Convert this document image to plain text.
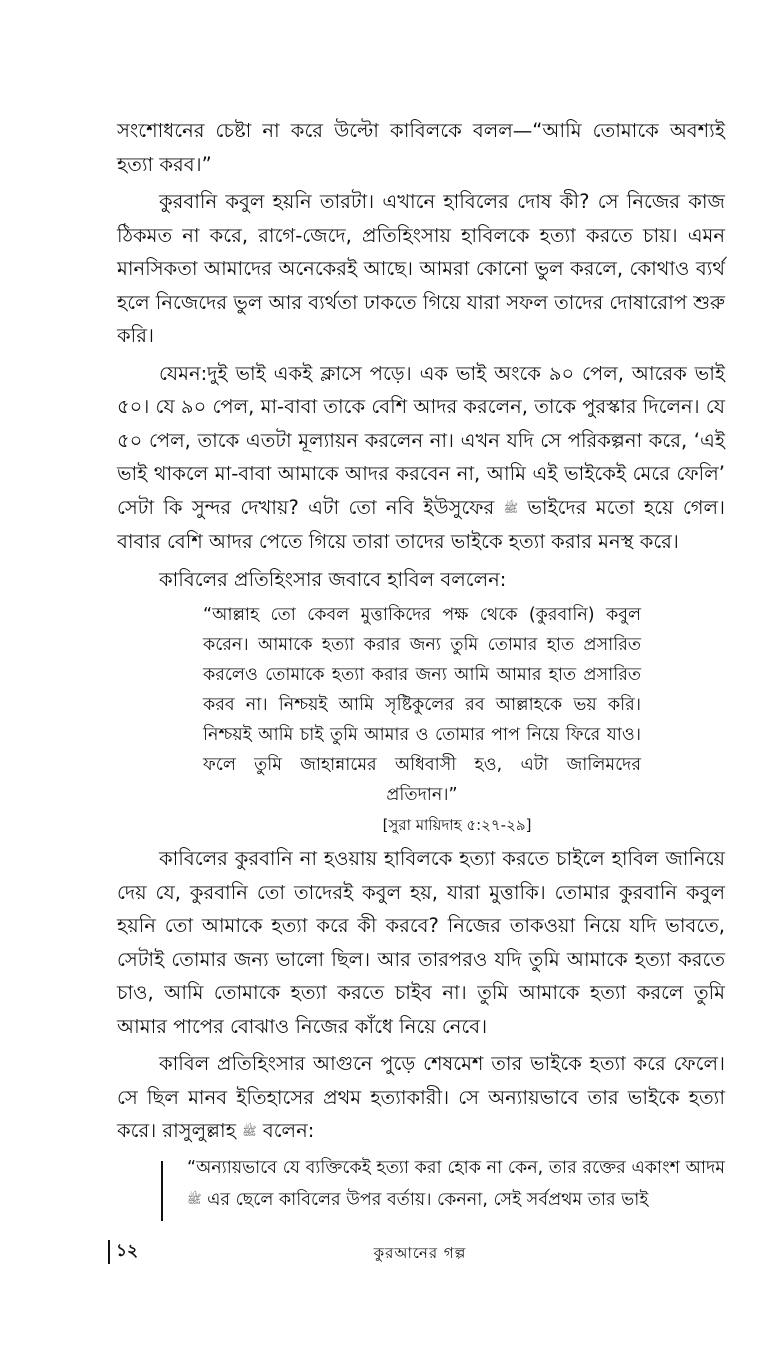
সংশোধনের চেষ্টা না করে উল্টো কাবিলকে বলল—“আমি তোমাকে অবশ্যই হত্যা করব।”

কুরবানি কবুল হয়নি তারটা। এখানে হাবিলের দোষ কী? সে নিজের কাজ ঠিকমত না করে, রাগে-জেদে, প্রতিহিংসায় হাবিলকে হত্যা করতে চায়। এমন মানসিকতা আমাদের অনেকেরই আছে। আমরা কোনো ভুল করলে, কোথাও ব্যর্থ হলে নিজেদের ভুল আর ব্যর্থতা ঢাকতে গিয়ে যারা সফল তাদের দোষারোপ শুরু করি।

যেমন:দুই ভাই একই ক্লাসে পড়ে। এক ভাই অংকে ৯০ পেল, আরেক ভাই ৫০। যে ৯০ পেল, মা-বাবা তাকে বেশি আদর করলেন, তাকে পুরস্কার দিলেন। যে ৫০ পেল, তাকে এতটা মূল্যায়ন করলেন না। এখন যদি সে পরিকল্পনা করে, ‘এই ভাই থাকলে মা-বাবা আমাকে আদর করবেন না, আমি এই ভাইকেই মেরে ফেলি’ সেটা কি সুন্দর দেখায়? এটা তো নবি ইউসুফের ﷺ ভাইদের মতো হয়ে গেল। বাবার বেশি আদর পেতে গিয়ে তারা তাদের ভাইকে হত্যা করার মনস্থ করে।

কাবিলের প্রতিহিংসার জবাবে হাবিল বললেন:

“আল্লাহ তো কেবল মুত্তাকিদের পক্ষ থেকে (কুরবানি) কবুল করেন। আমাকে হত্যা করার জন্য তুমি তোমার হাত প্রসারিত করলেও তোমাকে হত্যা করার জন্য আমি আমার হাত প্রসারিত করব না। নিশ্চয়ই আমি সৃষ্টিকুলের রব আল্লাহকে ভয় করি। নিশ্চয়ই আমি চাই তুমি আমার ও তোমার পাপ নিয়ে ফিরে যাও। ফলে তুমি জাহান্নামের অধিবাসী হও, এটা জালিমদের প্রতিদান।”
[সুরা মায়িদাহ ৫:২৭-২৯]

কাবিলের কুরবানি না হওয়ায় হাবিলকে হত্যা করতে চাইলে হাবিল জানিয়ে দেয় যে, কুরবানি তো তাদেরই কবুল হয়, যারা মুত্তাকি। তোমার কুরবানি কবুল হয়নি তো আমাকে হত্যা করে কী করবে? নিজের তাকওয়া নিয়ে যদি ভাবতে, সেটাই তোমার জন্য ভালো ছিল। আর তারপরও যদি তুমি আমাকে হত্যা করতে চাও, আমি তোমাকে হত্যা করতে চাইব না। তুমি আমাকে হত্যা করলে তুমি আমার পাপের বোঝাও নিজের কাঁধে নিয়ে নেবে।

কাবিল প্রতিহিংসার আগুনে পুড়ে শেষমেশ তার ভাইকে হত্যা করে ফেলে। সে ছিল মানব ইতিহাসের প্রথম হত্যাকারী। সে অন্যায়ভাবে তার ভাইকে হত্যা করে। রাসুলুল্লাহ ﷺ বলেন:

“অন্যায়ভাবে যে ব্যক্তিকেই হত্যা করা হোক না কেন, তার রক্তের একাংশ আদম ﷺ এর ছেলে কাবিলের উপর বর্তায়। কেননা, সেই সর্বপ্রথম তার ভাই
১২	কুরআনের গল্প
